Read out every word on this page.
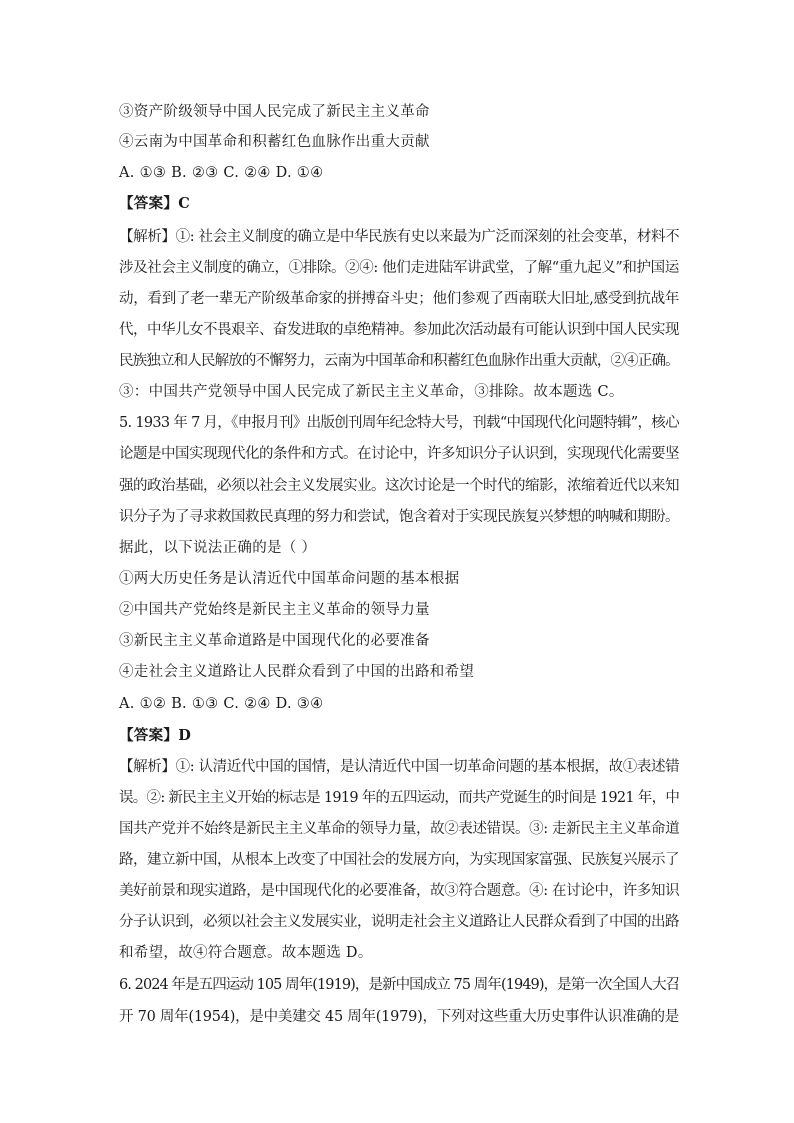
③资产阶级领导中国人民完成了新民主主义革命
④云南为中国革命和积蓄红色血脉作出重大贡献
A. ①③ B. ②③ C. ②④ D. ①④
【答案】C
【解析】①: 社会主义制度的确立是中华民族有史以来最为广泛而深刻的社会变革，材料不
涉及社会主义制度的确立，①排除。②④: 他们走进陆军讲武堂，了解“重九起义”和护国运
动，看到了老一辈无产阶级革命家的拼搏奋斗史；他们参观了西南联大旧址,感受到抗战年
代，中华儿女不畏艰辛、奋发进取的卓绝精神。参加此次活动最有可能认识到中国人民实现
民族独立和人民解放的不懈努力，云南为中国革命和积蓄红色血脉作出重大贡献，②④正确。
③：中国共产党领导中国人民完成了新民主主义革命，③排除。故本题选 C。
5. 1933 年 7 月，《申报月刊》出版创刊周年纪念特大号，刊载“中国现代化问题特辑”，核心
论题是中国实现现代化的条件和方式。在讨论中，许多知识分子认识到，实现现代化需要坚
强的政治基础，必须以社会主义发展实业。这次讨论是一个时代的缩影，浓缩着近代以来知
识分子为了寻求救国救民真理的努力和尝试，饱含着对于实现民族复兴梦想的呐喊和期盼。
据此，以下说法正确的是（ ）
①两大历史任务是认清近代中国革命问题的基本根据
②中国共产党始终是新民主主义革命的领导力量
③新民主主义革命道路是中国现代化的必要准备
④走社会主义道路让人民群众看到了中国的出路和希望
A. ①② B. ①③ C. ②④ D. ③④
【答案】D
【解析】①: 认清近代中国的国情，是认清近代中国一切革命问题的基本根据，故①表述错
误。②: 新民主主义开始的标志是 1919 年的五四运动，而共产党诞生的时间是 1921 年，中
国共产党并不始终是新民主主义革命的领导力量，故②表述错误。③: 走新民主主义革命道
路，建立新中国，从根本上改变了中国社会的发展方向，为实现国家富强、民族复兴展示了
美好前景和现实道路，是中国现代化的必要准备，故③符合题意。④: 在讨论中，许多知识
分子认识到，必须以社会主义发展实业，说明走社会主义道路让人民群众看到了中国的出路
和希望，故④符合题意。故本题选 D。
6. 2024 年是五四运动 105 周年(1919)，是新中国成立 75 周年(1949)，是第一次全国人大召
开 70 周年(1954)，是中美建交 45 周年(1979)，下列对这些重大历史事件认识准确的是
